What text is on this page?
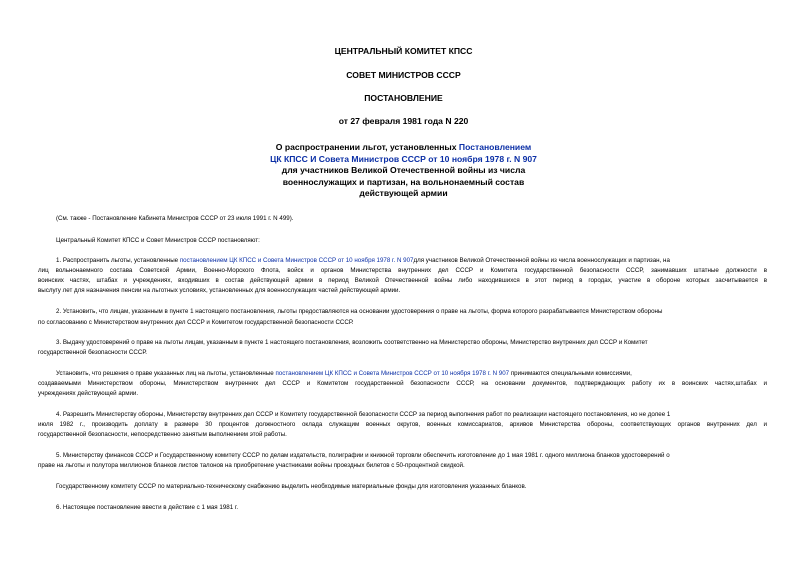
ЦЕНТРАЛЬНЫЙ КОМИТЕТ КПСС
СОВЕТ МИНИСТРОВ СССР
ПОСТАНОВЛЕНИЕ
от 27 февраля 1981 года N 220
О распространении льгот, установленных Постановлением
ЦК КПСС И Совета Министров СССР от 10 ноября 1978 г. N 907
для участников Великой Отечественной войны из числа
военнослужащих и партизан, на вольнонаемный состав
действующей армии
(См. также - Постановление Кабинета Министров СССР от 23 июля 1991 г. N 499).
Центральный Комитет КПСС и Совет Министров СССР постановляют:
1. Распространить льготы, установленные постановлением ЦК КПСС и Совета Министров СССР от 10 ноября 1978 г. N 907для участников Великой Отечественной войны из числа военнослужащих и партизан, на
лиц вольнонаемного состава Советской Армии, Военно-Морского Флота, войск и органов Министерства внутренних дел СССР и Комитета государственной безопасности СССР, занимавших штатные должности в
воинских частях, штабах и учреждениях, входивших в состав действующей армии в период Великой Отечественной войны либо находившихся в этот период в городах, участие в обороне которых засчитывается в
выслугу лет для назначения пенсии на льготных условиях, установленных для военнослужащих частей действующей армии.
2. Установить, что лицам, указанным в пункте 1 настоящего постановления, льготы предоставляются на основании удостоверения о праве на льготы, форма которого разрабатывается Министерством обороны
по согласованию с Министерством внутренних дел СССР и Комитетом государственной безопасности СССР.
3. Выдачу удостоверений о праве на льготы лицам, указанным в пункте 1 настоящего постановления, возложить соответственно на Министерство обороны, Министерство внутренних дел СССР и Комитет
государственной безопасности СССР.
Установить, что решения о праве указанных лиц на льготы, установленные постановлением ЦК КПСС и Совета Министров СССР от 10 ноября 1978 г. N 907 принимаются специальными комиссиями,
создаваемыми Министерством обороны, Министерством внутренних дел СССР и Комитетом государственной безопасности СССР, на основании документов, подтверждающих работу их в воинских частях,штабах и
учреждениях действующей армии.
4. Разрешить Министерству обороны, Министерству внутренних дел СССР и Комитету государственной безопасности СССР за период выполнения работ по реализации настоящего постановления, но не долее 1
июля 1982 г., производить доплату в размере 30 процентов должностного оклада служащим военных округов, военных комиссариатов, архивов Министерства обороны, соответствующих органов внутренних дел и
государственной безопасности, непосредственно занятым выполнением этой работы.
5. Министерству финансов СССР и Государственному комитету СССР по делам издательств, полиграфии и книжной торговли обеспечить изготовление до 1 мая 1981 г. одного миллиона бланков удостоверений о
праве на льготы и полутора миллионов бланков листов талонов на приобретение участниками войны проездных билетов с 50-процентной скидкой.
Государственному комитету СССР по материально-техническому снабжению выделить необходимые материальные фонды для изготовления указанных бланков.
6. Настоящее постановление ввести в действие с 1 мая 1981 г.
